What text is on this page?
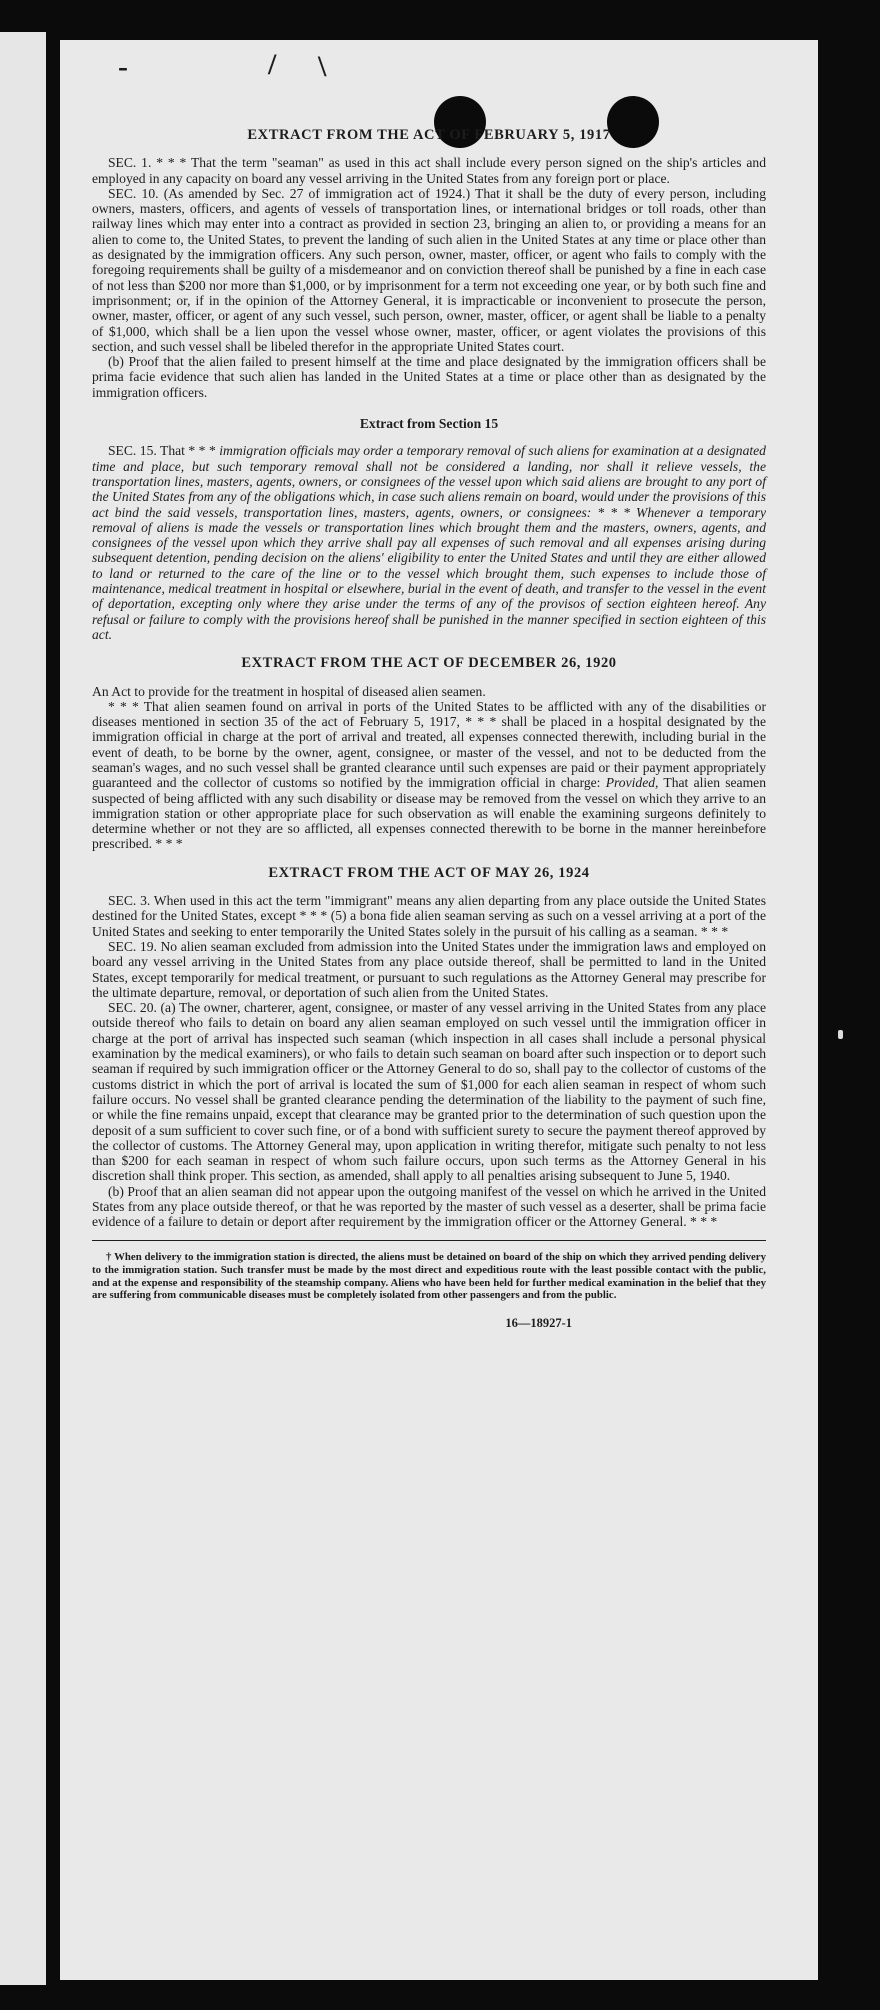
-	/ \
EXTRACT FROM THE ACT OF FEBRUARY 5, 1917

SEC. 1. * * * That the term "seaman" as used in this act shall include every person signed on the ship's articles and employed in any capacity on board any vessel arriving in the United States from any foreign port or place.

SEC. 10. (As amended by Sec. 27 of immigration act of 1924.) That it shall be the duty of every person, including owners, masters, officers, and agents of vessels of transportation lines, or international bridges or toll roads, other than railway lines which may enter into a contract as provided in section 23, bringing an alien to, or providing a means for an alien to come to, the United States, to prevent the landing of such alien in the United States at any time or place other than as designated by the immigration officers. Any such person, owner, master, officer, or agent who fails to comply with the foregoing requirements shall be guilty of a misdemeanor and on conviction thereof shall be punished by a fine in each case of not less than $200 nor more than $1,000, or by imprisonment for a term not exceeding one year, or by both such fine and imprisonment; or, if in the opinion of the Attorney General, it is impracticable or inconvenient to prosecute the person, owner, master, officer, or agent of any such vessel, such person, owner, master, officer, or agent shall be liable to a penalty of $1,000, which shall be a lien upon the vessel whose owner, master, officer, or agent violates the provisions of this section, and such vessel shall be libeled therefor in the appropriate United States court.

(b) Proof that the alien failed to present himself at the time and place designated by the immigration officers shall be prima facie evidence that such alien has landed in the United States at a time or place other than as designated by the immigration officers.

Extract from Section 15

SEC. 15. That * * * immigration officials may order a temporary removal of such aliens for examination at a designated time and place, but such temporary removal shall not be considered a landing, nor shall it relieve vessels, the transportation lines, masters, agents, owners, or consignees of the vessel upon which said aliens are brought to any port of the United States from any of the obligations which, in case such aliens remain on board, would under the provisions of this act bind the said vessels, transportation lines, masters, agents, owners, or consignees: * * * Whenever a temporary removal of aliens is made the vessels or transportation lines which brought them and the masters, owners, agents, and consignees of the vessel upon which they arrive shall pay all expenses of such removal and all expenses arising during subsequent detention, pending decision on the aliens' eligibility to enter the United States and until they are either allowed to land or returned to the care of the line or to the vessel which brought them, such expenses to include those of maintenance, medical treatment in hospital or elsewhere, burial in the event of death, and transfer to the vessel in the event of deportation, excepting only where they arise under the terms of any of the provisos of section eighteen hereof. Any refusal or failure to comply with the provisions hereof shall be punished in the manner specified in section eighteen of this act.

EXTRACT FROM THE ACT OF DECEMBER 26, 1920

An Act to provide for the treatment in hospital of diseased alien seamen.

* * * That alien seamen found on arrival in ports of the United States to be afflicted with any of the disabilities or diseases mentioned in section 35 of the act of February 5, 1917, * * * shall be placed in a hospital designated by the immigration official in charge at the port of arrival and treated, all expenses connected therewith, including burial in the event of death, to be borne by the owner, agent, consignee, or master of the vessel, and not to be deducted from the seaman's wages, and no such vessel shall be granted clearance until such expenses are paid or their payment appropriately guaranteed and the collector of customs so notified by the immigration official in charge: Provided, That alien seamen suspected of being afflicted with any such disability or disease may be removed from the vessel on which they arrive to an immigration station or other appropriate place for such observation as will enable the examining surgeons definitely to determine whether or not they are so afflicted, all expenses connected therewith to be borne in the manner hereinbefore prescribed. * * *

EXTRACT FROM THE ACT OF MAY 26, 1924

SEC. 3. When used in this act the term "immigrant" means any alien departing from any place outside the United States destined for the United States, except * * * (5) a bona fide alien seaman serving as such on a vessel arriving at a port of the United States and seeking to enter temporarily the United States solely in the pursuit of his calling as a seaman. * * *

SEC. 19. No alien seaman excluded from admission into the United States under the immigration laws and employed on board any vessel arriving in the United States from any place outside thereof, shall be permitted to land in the United States, except temporarily for medical treatment, or pursuant to such regulations as the Attorney General may prescribe for the ultimate departure, removal, or deportation of such alien from the United States.

SEC. 20. (a) The owner, charterer, agent, consignee, or master of any vessel arriving in the United States from any place outside thereof who fails to detain on board any alien seaman employed on such vessel until the immigration officer in charge at the port of arrival has inspected such seaman (which inspection in all cases shall include a personal physical examination by the medical examiners), or who fails to detain such seaman on board after such inspection or to deport such seaman if required by such immigration officer or the Attorney General to do so, shall pay to the collector of customs of the customs district in which the port of arrival is located the sum of $1,000 for each alien seaman in respect of whom such failure occurs. No vessel shall be granted clearance pending the determination of the liability to the payment of such fine, or while the fine remains unpaid, except that clearance may be granted prior to the determination of such question upon the deposit of a sum sufficient to cover such fine, or of a bond with sufficient surety to secure the payment thereof approved by the collector of customs. The Attorney General may, upon application in writing therefor, mitigate such penalty to not less than $200 for each seaman in respect of whom such failure occurs, upon such terms as the Attorney General in his discretion shall think proper. This section, as amended, shall apply to all penalties arising subsequent to June 5, 1940.

(b) Proof that an alien seaman did not appear upon the outgoing manifest of the vessel on which he arrived in the United States from any place outside thereof, or that he was reported by the master of such vessel as a deserter, shall be prima facie evidence of a failure to detain or deport after requirement by the immigration officer or the Attorney General. * * *

† When delivery to the immigration station is directed, the aliens must be detained on board of the ship on which they arrived pending delivery to the immigration station. Such transfer must be made by the most direct and expeditious route with the least possible contact with the public, and at the expense and responsibility of the steamship company. Aliens who have been held for further medical examination in the belief that they are suffering from communicable diseases must be completely isolated from other passengers and from the public.

16—18927-1
